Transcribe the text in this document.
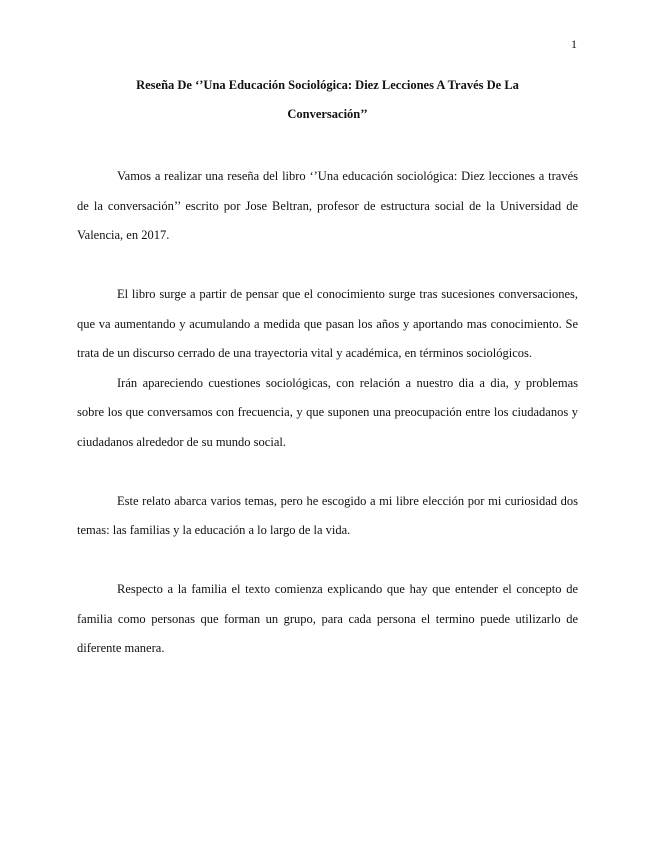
1
Reseña De ‘’Una Educación Sociológica: Diez Lecciones A Través De La
Conversación’’

Vamos a realizar una reseña del libro ‘’Una educación sociológica: Diez lecciones a través de la conversación’’ escrito por Jose Beltran, profesor de estructura social de la Universidad de Valencia, en 2017.

El libro surge a partir de pensar que el conocimiento surge tras sucesiones conversaciones, que va aumentando y acumulando a medida que pasan los años y aportando mas conocimiento. Se trata de un discurso cerrado de una trayectoria vital y académica, en términos sociológicos.

Irán apareciendo cuestiones sociológicas, con relación a nuestro dia a dia, y problemas sobre los que conversamos con frecuencia, y que suponen una preocupación entre los ciudadanos y ciudadanos alrededor de su mundo social.

Este relato abarca varios temas, pero he escogido a mi libre elección por mi curiosidad dos temas: las familias y la educación a lo largo de la vida.

Respecto a la familia el texto comienza explicando que hay que entender el concepto de familia como personas que forman un grupo, para cada persona el termino puede utilizarlo de diferente manera.
